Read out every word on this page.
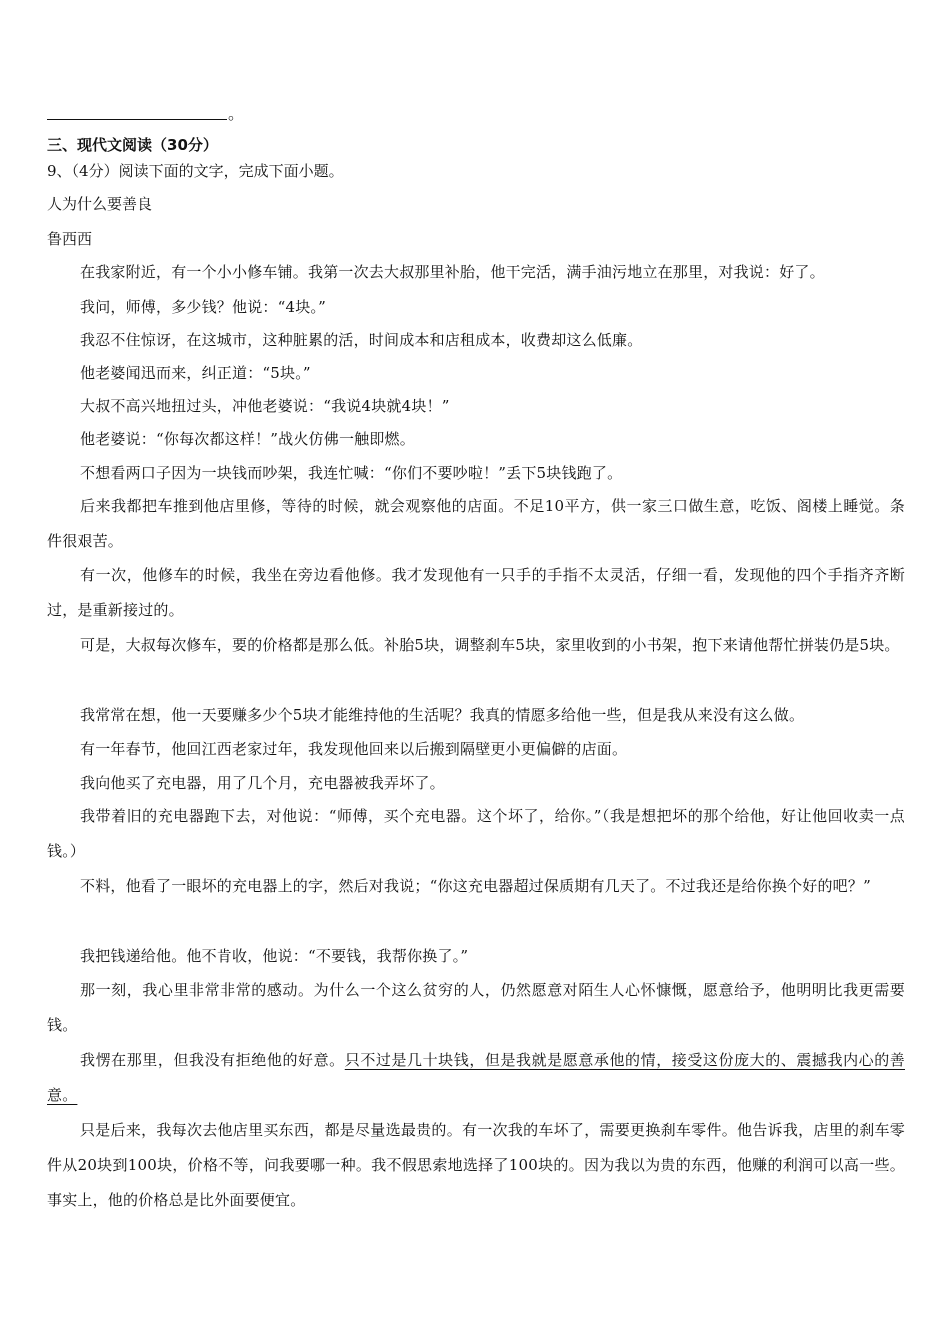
。
三、现代文阅读（30分）
9、（4分）阅读下面的文字，完成下面小题。
人为什么要善良
鲁西西

在我家附近，有一个小小修车铺。我第一次去大叔那里补胎，他干完活，满手油污地立在那里，对我说：好了。

我问，师傅，多少钱？他说：“4块。”

我忍不住惊讶，在这城市，这种脏累的活，时间成本和店租成本，收费却这么低廉。

他老婆闻迅而来，纠正道：“5块。”

大叔不高兴地扭过头，冲他老婆说：“我说4块就4块！”

他老婆说：“你每次都这样！”战火仿佛一触即燃。

不想看两口子因为一块钱而吵架，我连忙喊：“你们不要吵啦！”丢下5块钱跑了。

后来我都把车推到他店里修，等待的时候，就会观察他的店面。不足10平方，供一家三口做生意，吃饭、阁楼上睡觉。条件很艰苦。

有一次，他修车的时候，我坐在旁边看他修。我才发现他有一只手的手指不太灵活，仔细一看，发现他的四个手指齐齐断过，是重新接过的。

可是，大叔每次修车，要的价格都是那么低。补胎5块，调整刹车5块，家里收到的小书架，抱下来请他帮忙拼装仍是5块。

我常常在想，他一天要赚多少个5块才能维持他的生活呢？我真的情愿多给他一些，但是我从来没有这么做。

有一年春节，他回江西老家过年，我发现他回来以后搬到隔壁更小更偏僻的店面。

我向他买了充电器，用了几个月，充电器被我弄坏了。

我带着旧的充电器跑下去，对他说：“师傅，买个充电器。这个坏了，给你。”（我是想把坏的那个给他，好让他回收卖一点钱。）

不料，他看了一眼坏的充电器上的字，然后对我说；“你这充电器超过保质期有几天了。不过我还是给你换个好的吧？”

我把钱递给他。他不肯收，他说：“不要钱，我帮你换了。”

那一刻，我心里非常非常的感动。为什么一个这么贫穷的人，仍然愿意对陌生人心怀慷慨，愿意给予，他明明比我更需要钱。

我愣在那里，但我没有拒绝他的好意。只不过是几十块钱，但是我就是愿意承他的情，接受这份庞大的、震撼我内心的善意。

只是后来，我每次去他店里买东西，都是尽量选最贵的。有一次我的车坏了，需要更换刹车零件。他告诉我，店里的刹车零件从20块到100块，价格不等，问我要哪一种。我不假思索地选择了100块的。因为我以为贵的东西，他赚的利润可以高一些。事实上，他的价格总是比外面要便宜。
